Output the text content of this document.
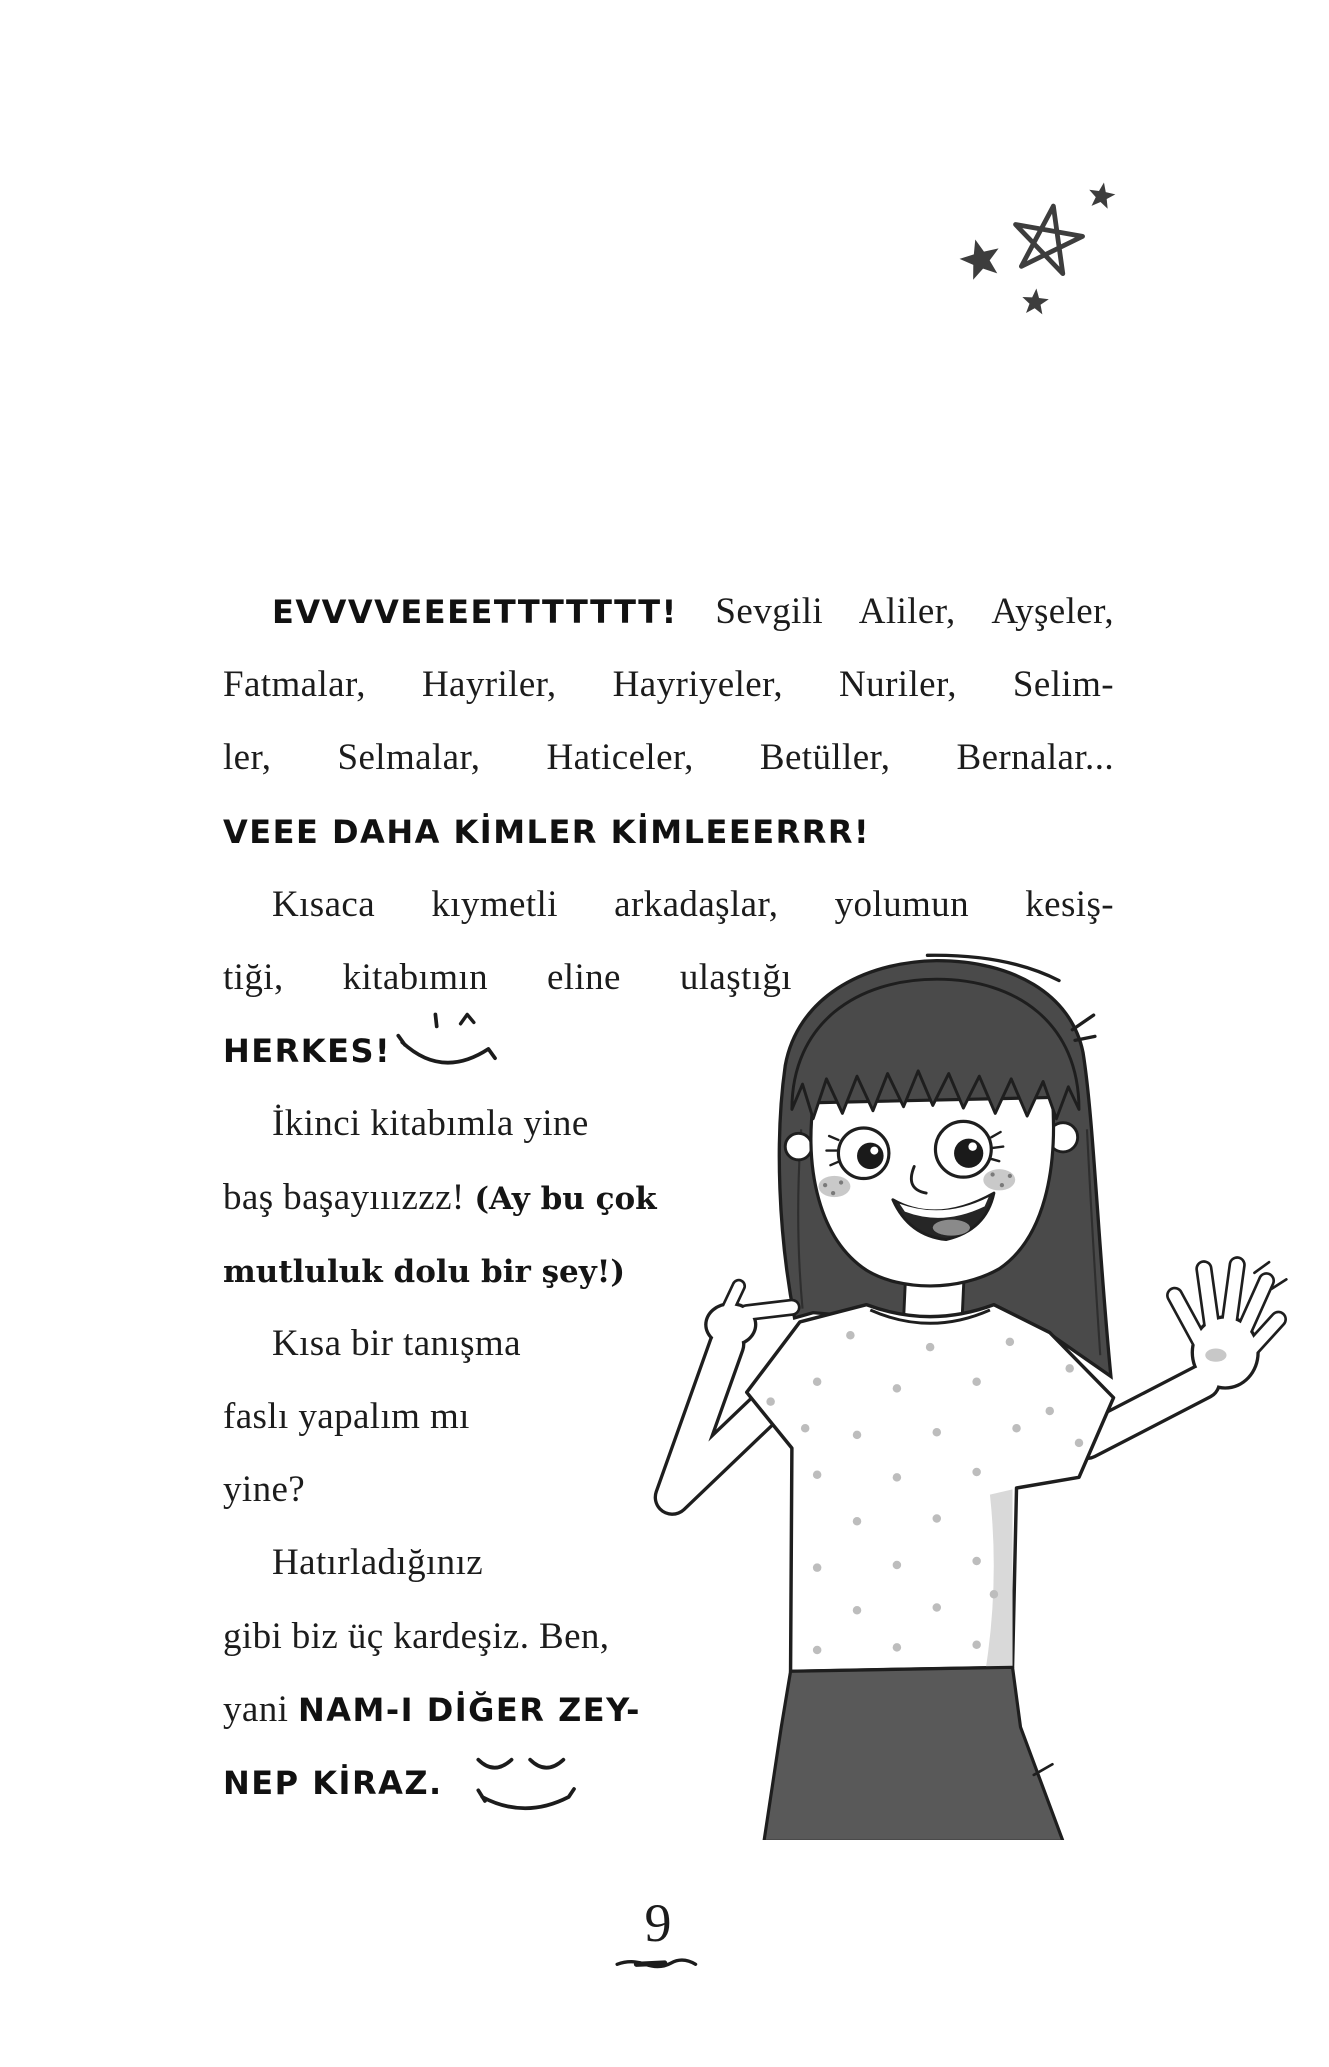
EVVVVEEEETTTTTTT! Sevgili Aliler, Ayşeler,
Fatmalar, Hayriler, Hayriyeler, Nuriler, Selim-
ler, Selmalar, Haticeler, Betüller, Bernalar...
VEEE DAHA KİMLER KİMLEEERRR!
Kısaca kıymetli arkadaşlar, yolumun kesiş-
tiği, kitabımın eline ulaştığı
HERKES!
İkinci kitabımla yine
baş başayııızzz! (Ay bu çok
mutluluk dolu bir şey!)
Kısa bir tanışma
faslı yapalım mı
yine?
Hatırladığınız
gibi biz üç kardeşiz. Ben,
yani NAM-I DİĞER ZEY-
NEP KİRAZ.
9
